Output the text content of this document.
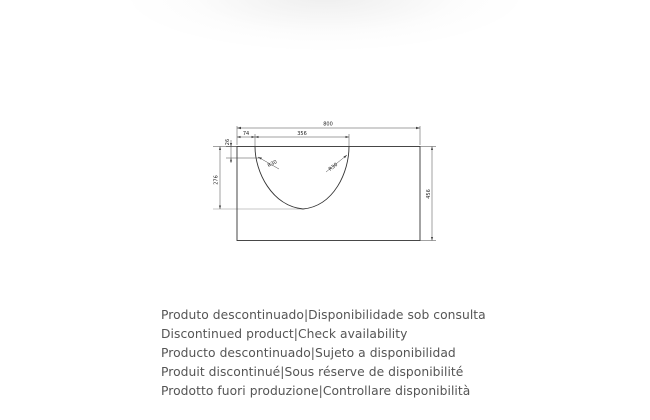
800
74	356
26
276
456
R30	R30
Produto descontinuado|Disponibilidade sob consulta
Discontinued product|Check availability
Producto descontinuado|Sujeto a disponibilidad
Produit discontinué|Sous réserve de disponibilité
Prodotto fuori produzione|Controllare disponibilità
